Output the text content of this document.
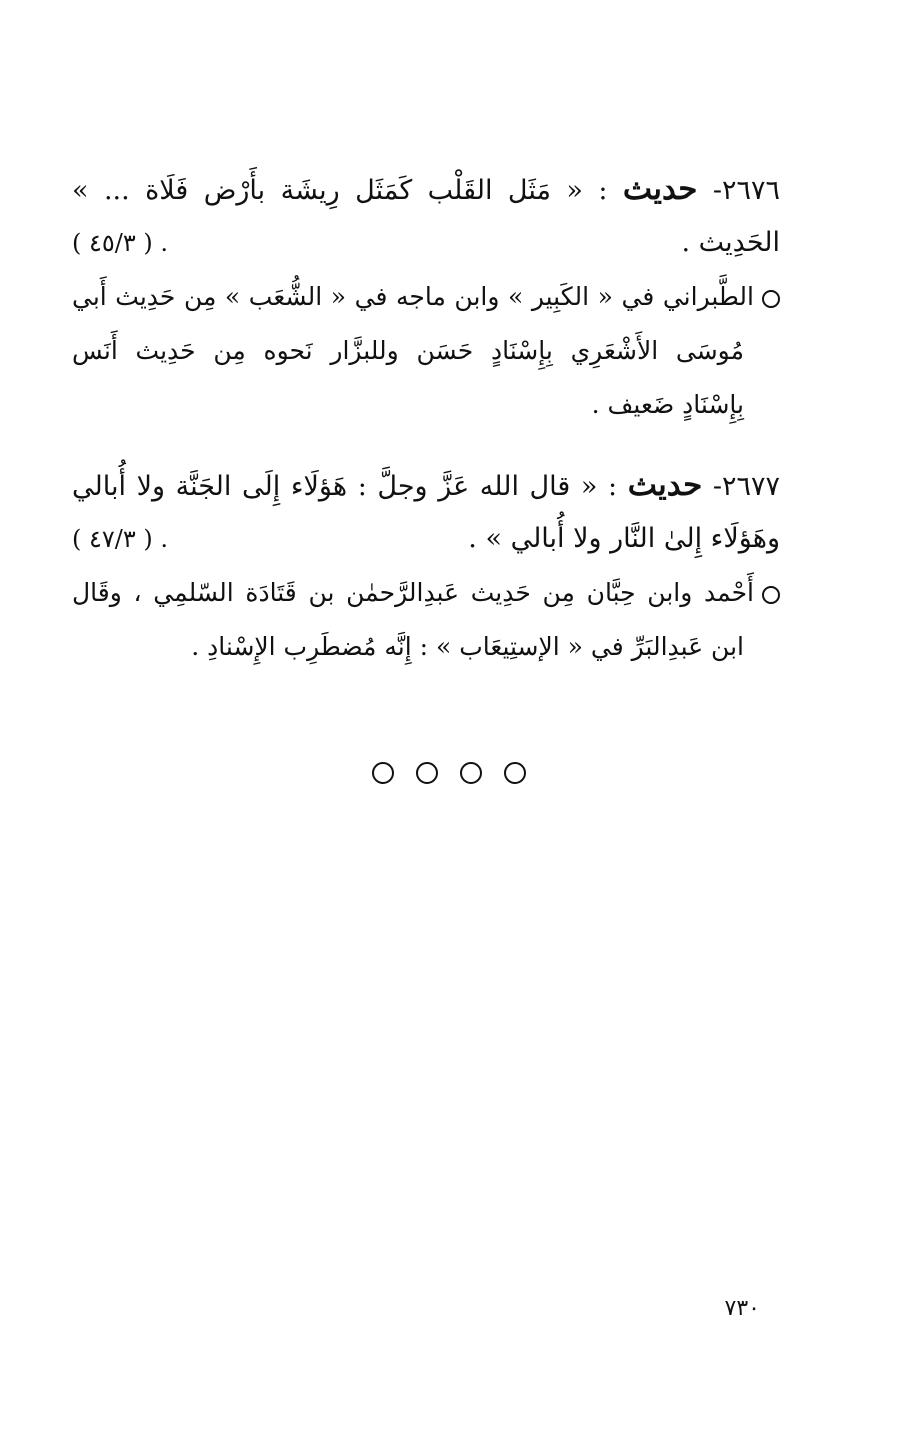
٢٦٧٦- حديث : « مَثَل القَلْب كَمَثَل رِيشَة بأَرْض فَلَاة ... »
الحَدِيث .
( ٤٥/٣ ) .
الطَّبراني في « الكَبِير » وابن ماجه في « الشُّعَب » مِن حَدِيث أَبي
مُوسَى الأَشْعَرِي بِإِسْنَادٍ حَسَن وللبزَّار نَحوه مِن حَدِيث أَنَس
بِإِسْنَادٍ ضَعيف .
٢٦٧٧- حديث : « قال الله عَزَّ وجلَّ : هَؤلَاء إِلَى الجَنَّة ولا أُبالي
وهَؤلَاء إِلىٰ النَّار ولا أُبالي » .
( ٤٧/٣ ) .
أَحْمد وابن حِبَّان مِن حَدِيث عَبدِالرَّحمٰن بن قَتَادَة السّلمِي ، وقَال
ابن عَبدِالبَرِّ في « الإستِيعَاب » : إِنَّه مُضطَرِب الإِسْنادِ .
٧٣٠
